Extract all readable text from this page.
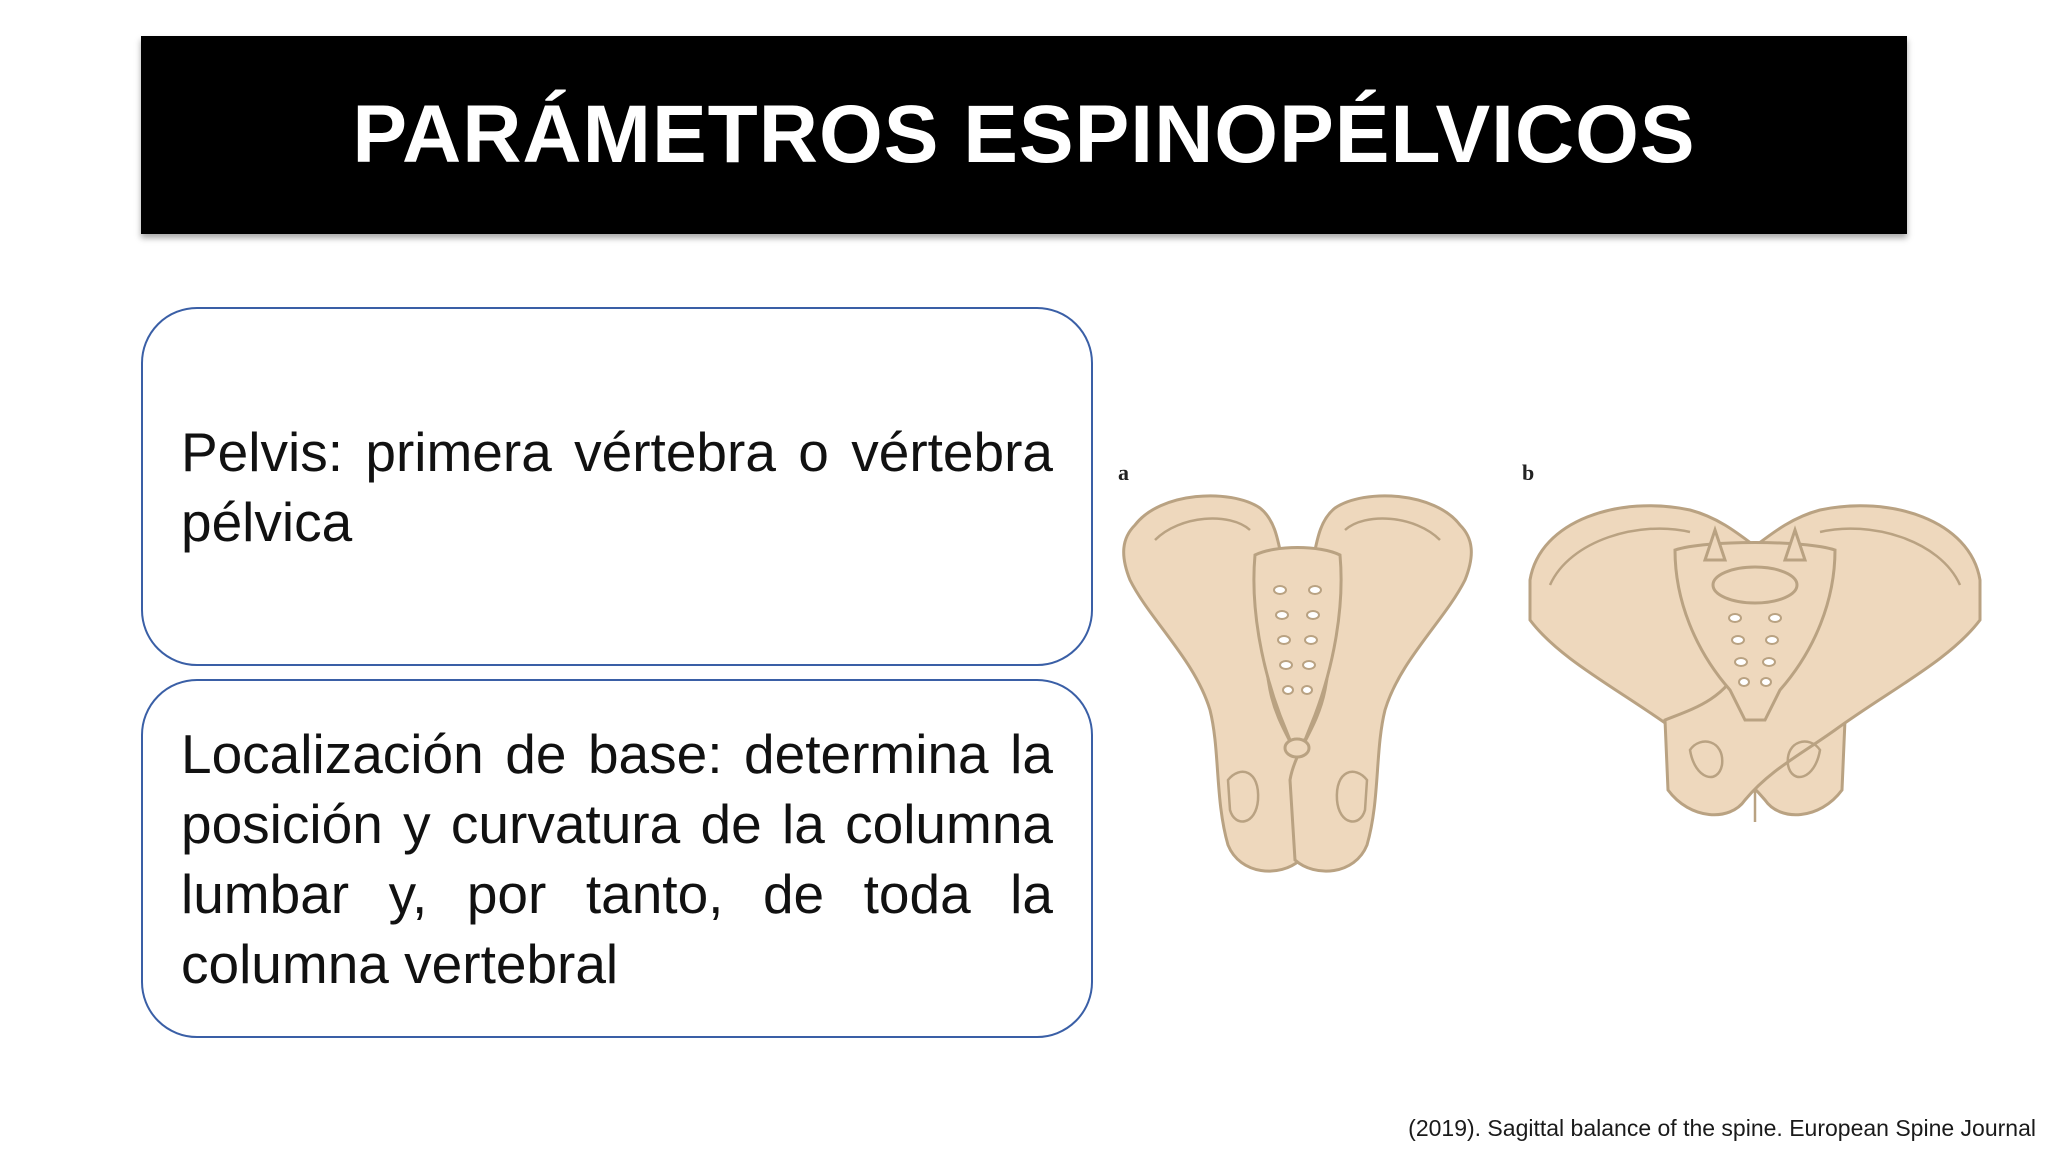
PARÁMETROS ESPINOPÉLVICOS
Pelvis: primera vértebra o vértebra pélvica
Localización de base: determina la posición y curvatura de la columna lumbar y, por tanto, de toda la columna vertebral
a	b
(2019). Sagittal balance of the spine. European Spine Journal
